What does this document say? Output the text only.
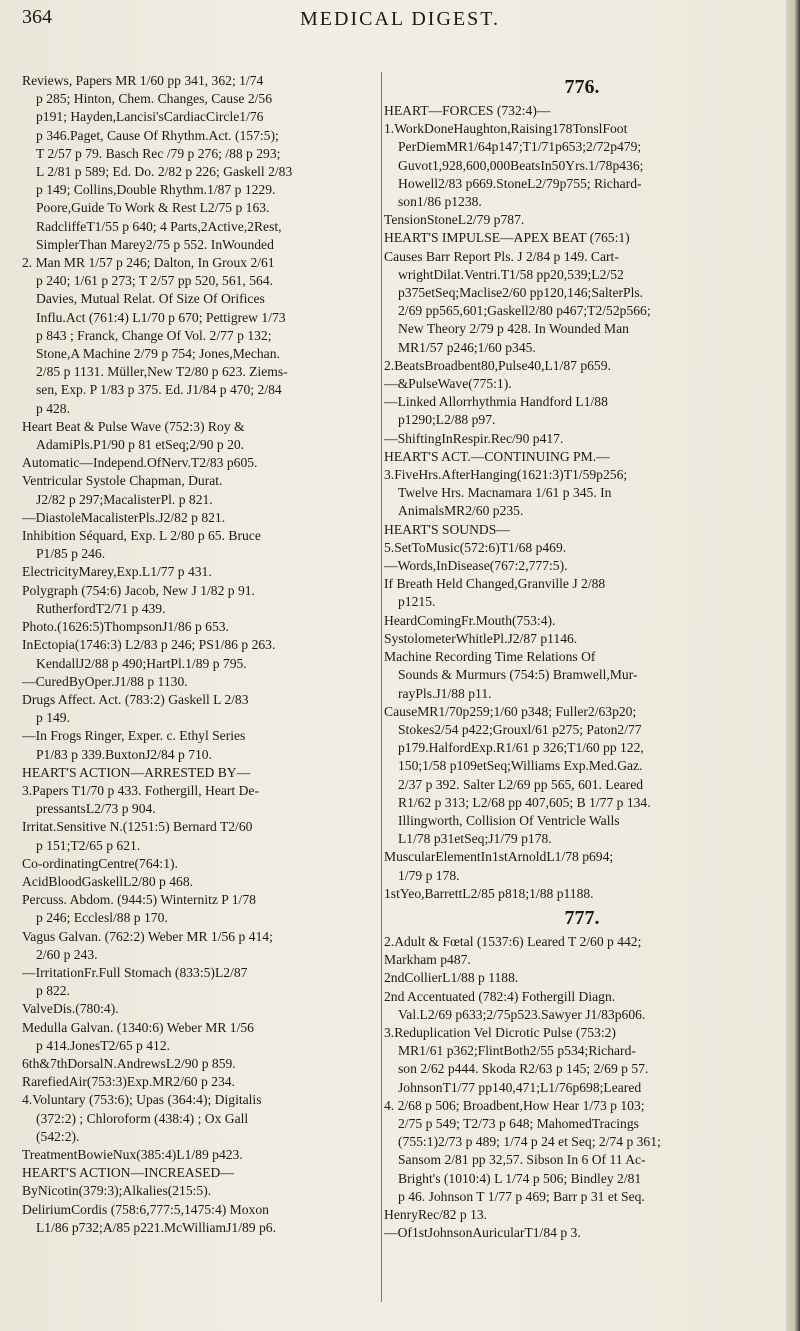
364	MEDICAL DIGEST.
Reviews, Papers MR 1/60 pp 341, 362; 1/74
p 285; Hinton, Chem. Changes, Cause 2/56
p191; Hayden,Lancisi'sCardiacCircle1/76
p 346.Paget, Cause Of Rhythm.Act. (157:5);
T 2/57 p 79. Basch Rec /79 p 276; /88 p 293;
L 2/81 p 589; Ed. Do. 2/82 p 226; Gaskell 2/83
p 149; Collins,Double Rhythm.1/87 p 1229.
Poore,Guide To Work & Rest L2/75 p 163.
RadcliffeT1/55 p 640; 4 Parts,2Active,2Rest,
SimplerThan Marey2/75 p 552. InWounded
2. Man MR 1/57 p 246; Dalton, In Groux 2/61
p 240; 1/61 p 273; T 2/57 pp 520, 561, 564.
Davies, Mutual Relat. Of Size Of Orifices
Influ.Act (761:4) L1/70 p 670; Pettigrew 1/73
p 843 ; Franck, Change Of Vol. 2/77 p 132;
Stone,A Machine 2/79 p 754; Jones,Mechan.
2/85 p 1131. Müller,New T2/80 p 623. Ziems-
sen, Exp. P 1/83 p 375. Ed. J1/84 p 470; 2/84
p 428.
Heart Beat & Pulse Wave (752:3) Roy &
AdamiPls.P1/90 p 81 etSeq;2/90 p 20.
Automatic—Independ.OfNerv.T2/83 p605.
Ventricular Systole Chapman, Durat.
J2/82 p 297;MacalisterPl. p 821.
—DiastoleMacalisterPls.J2/82 p 821.
Inhibition Séquard, Exp. L 2/80 p 65. Bruce
P1/85 p 246.
ElectricityMarey,Exp.L1/77 p 431.
Polygraph (754:6) Jacob, New J 1/82 p 91.
RutherfordT2/71 p 439.
Photo.(1626:5)ThompsonJ1/86 p 653.
InEctopia(1746:3) L2/83 p 246; PS1/86 p 263.
KendallJ2/88 p 490;HartPl.1/89 p 795.
—CuredByOper.J1/88 p 1130.
Drugs Affect. Act. (783:2) Gaskell L 2/83
p 149.
—In Frogs Ringer, Exper. c. Ethyl Series
P1/83 p 339.BuxtonJ2/84 p 710.
HEART'S ACTION—ARRESTED BY—
3.Papers T1/70 p 433. Fothergill, Heart De-
pressantsL2/73 p 904.
Irritat.Sensitive N.(1251:5) Bernard T2/60
p 151;T2/65 p 621.
Co-ordinatingCentre(764:1).
AcidBloodGaskellL2/80 p 468.
Percuss. Abdom. (944:5) Winternitz P 1/78
p 246; Ecclesl/88 p 170.
Vagus Galvan. (762:2) Weber MR 1/56 p 414;
2/60 p 243.
—IrritationFr.Full Stomach (833:5)L2/87
p 822.
ValveDis.(780:4).
Medulla Galvan. (1340:6) Weber MR 1/56
p 414.JonesT2/65 p 412.
6th&7thDorsalN.AndrewsL2/90 p 859.
RarefiedAir(753:3)Exp.MR2/60 p 234.
4.Voluntary (753:6); Upas (364:4); Digitalis
(372:2) ; Chloroform (438:4) ; Ox Gall
(542:2).
TreatmentBowieNux(385:4)L1/89 p423.
HEART'S ACTION—INCREASED—
ByNicotin(379:3);Alkalies(215:5).
DeliriumCordis (758:6,777:5,1475:4) Moxon
L1/86 p732;A/85 p221.McWilliamJ1/89 p6.
776.
HEART—FORCES (732:4)—
1.WorkDoneHaughton,Raising178TonslFoot
PerDiemMR1/64p147;T1/71p653;2/72p479;
Guvot1,928,600,000BeatsIn50Yrs.1/78p436;
Howell2/83 p669.StoneL2/79p755; Richard-
son1/86 p1238.
TensionStoneL2/79 p787.
HEART'S IMPULSE—APEX BEAT (765:1)
Causes Barr Report Pls. J 2/84 p 149. Cart-
wrightDilat.Ventri.T1/58 pp20,539;L2/52
p375etSeq;Maclise2/60 pp120,146;SalterPls.
2/69 pp565,601;Gaskell2/80 p467;T2/52p566;
New Theory 2/79 p 428. In Wounded Man
MR1/57 p246;1/60 p345.
2.BeatsBroadbent80,Pulse40,L1/87 p659.
—&PulseWave(775:1).
—Linked Allorrhythmia Handford L1/88
p1290;L2/88 p97.
—ShiftingInRespir.Rec/90 p417.
HEART'S ACT.—CONTINUING PM.—
3.FiveHrs.AfterHanging(1621:3)T1/59p256;
Twelve Hrs. Macnamara 1/61 p 345. In
AnimalsMR2/60 p235.
HEART'S SOUNDS—
5.SetToMusic(572:6)T1/68 p469.
—Words,InDisease(767:2,777:5).
If Breath Held Changed,Granville J 2/88
p1215.
HeardComingFr.Mouth(753:4).
SystolometerWhitlePl.J2/87 p1146.
Machine Recording Time Relations Of
Sounds & Murmurs (754:5) Bramwell,Mur-
rayPls.J1/88 p11.
CauseMR1/70p259;1/60 p348; Fuller2/63p20;
Stokes2/54 p422;Grouxl/61 p275; Paton2/77
p179.HalfordExp.R1/61 p 326;T1/60 pp 122,
150;1/58 p109etSeq;Williams Exp.Med.Gaz.
2/37 p 392. Salter L2/69 pp 565, 601. Leared
R1/62 p 313; L2/68 pp 407,605; B 1/77 p 134.
Illingworth, Collision Of Ventricle Walls
L1/78 p31etSeq;J1/79 p178.
MuscularElementIn1stArnoldL1/78 p694;
1/79 p 178.
1stYeo,BarrettL2/85 p818;1/88 p1188.
777.
2.Adult & Fœtal (1537:6) Leared T 2/60 p 442;
Markham p487.
2ndCollierL1/88 p 1188.
2nd Accentuated (782:4) Fothergill Diagn.
Val.L2/69 p633;2/75p523.Sawyer J1/83p606.
3.Reduplication Vel Dicrotic Pulse (753:2)
MR1/61 p362;FlintBoth2/55 p534;Richard-
son 2/62 p444. Skoda R2/63 p 145; 2/69 p 57.
JohnsonT1/77 pp140,471;L1/76p698;Leared
4. 2/68 p 506; Broadbent,How Hear 1/73 p 103;
2/75 p 549; T2/73 p 648; MahomedTracings
(755:1)2/73 p 489; 1/74 p 24 et Seq; 2/74 p 361;
Sansom 2/81 pp 32,57. Sibson In 6 Of 11 Ac-
Bright's (1010:4) L 1/74 p 506; Bindley 2/81
p 46. Johnson T 1/77 p 469; Barr p 31 et Seq.
HenryRec/82 p 13.
—Of1stJohnsonAuricularT1/84 p 3.
